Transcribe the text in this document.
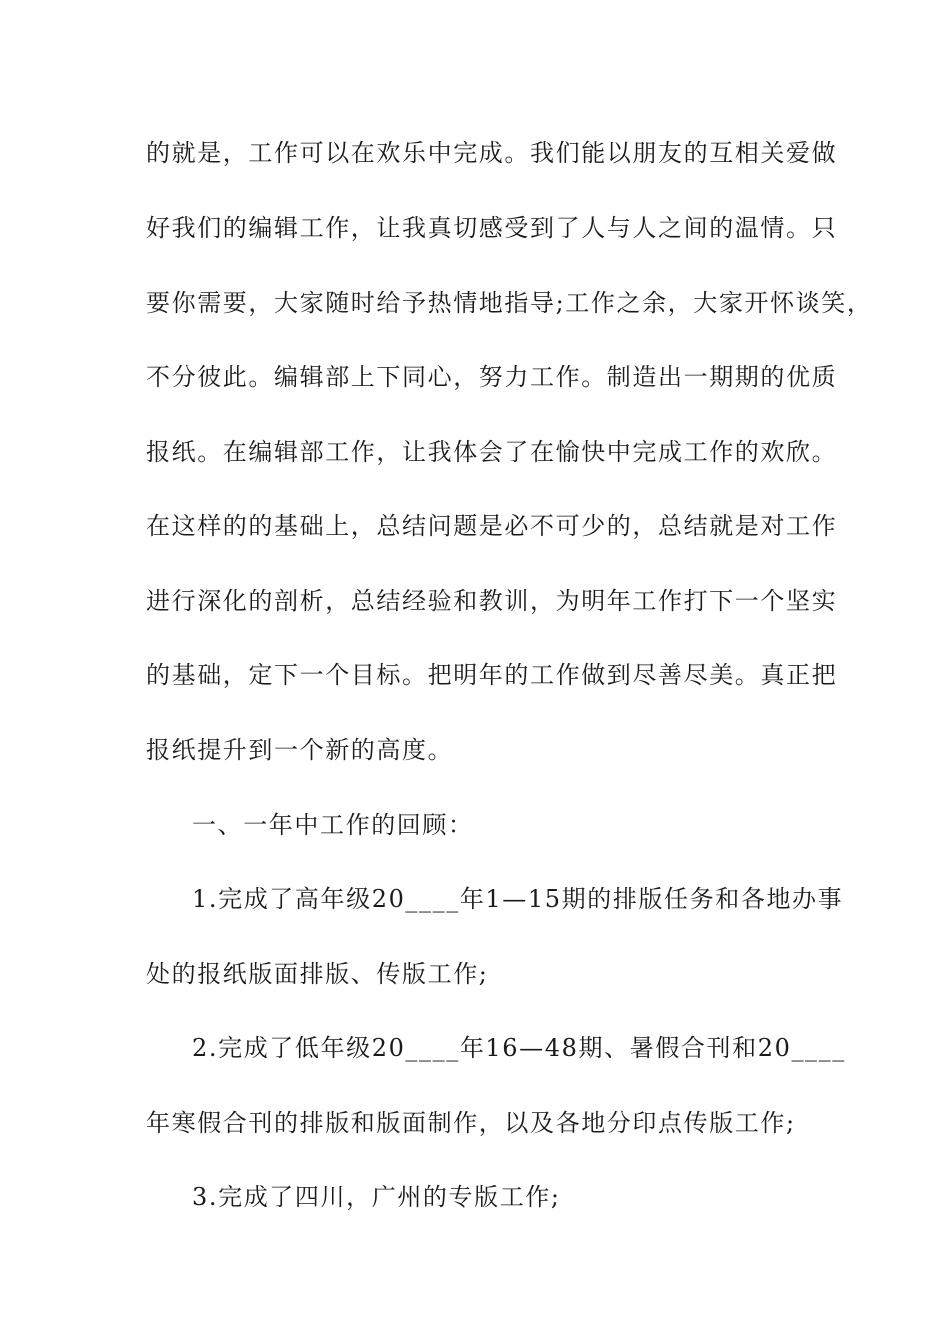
的就是，工作可以在欢乐中完成。我们能以朋友的互相关爱做
好我们的编辑工作，让我真切感受到了人与人之间的温情。只
要你需要，大家随时给予热情地指导;工作之余，大家开怀谈笑，
不分彼此。编辑部上下同心，努力工作。制造出一期期的优质
报纸。在编辑部工作，让我体会了在愉快中完成工作的欢欣。
在这样的的基础上，总结问题是必不可少的，总结就是对工作
进行深化的剖析，总结经验和教训，为明年工作打下一个坚实
的基础，定下一个目标。把明年的工作做到尽善尽美。真正把
报纸提升到一个新的高度。
一、一年中工作的回顾：
1.完成了高年级20____年1—15期的排版任务和各地办事
处的报纸版面排版、传版工作;
2.完成了低年级20____年16—48期、暑假合刊和20____
年寒假合刊的排版和版面制作，以及各地分印点传版工作;
3.完成了四川，广州的专版工作;
